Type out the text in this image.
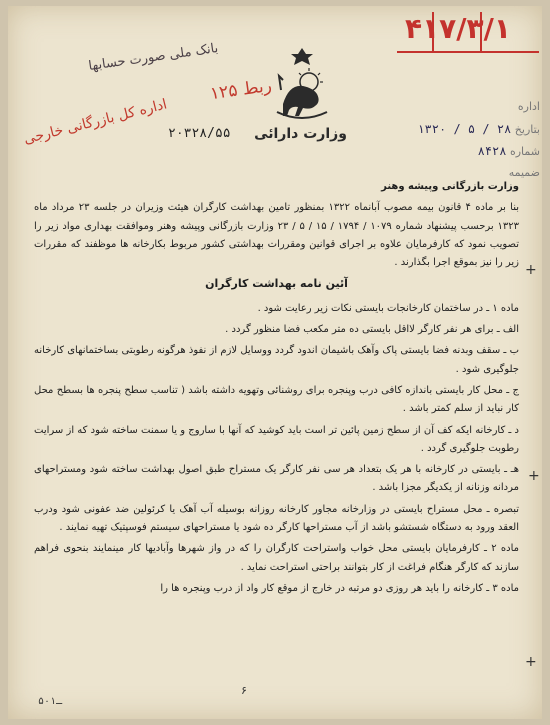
۴۱۷/۳/۱
بانک ملی صورت حسابها
ربط ۱۲۵
اداره کل بازرگانی خارجی ۲۰۳۲۸/۵۵ وزارت دارائی
اداره
بتاریخ ۲۸ / ۵ / ۱۳۲۰
شماره ۸۴۲۸
ضمیمه

وزارت بازرگانی وپیشه وهنر

بنا بر ماده ۴ قانون بیمه مصوب آبانماه ۱۳۲۲ بمنظور تامین بهداشت کارگران هیئت وزیران در جلسه ۲۳ مرداد ماه ۱۳۲۳ برحسب پیشنهاد شماره ۱۰۷۹ / ۱۷۹۴ / ۱۵ / ۵ / ۲۳ وزارت بازرگانی وپیشه وهنر وموافقت بهداری مواد زیر را تصویب نمود که کارفرمایان علاوه بر اجرای قوانین ومقررات بهداشتی کشور مربوط بکارخانه ها موظفند که مقررات زیر را نیز بموقع اجرا بگذارند .

آئین نامه بهداشت کارگران

ماده ۱ ـ در ساختمان کارخانجات بایستی نکات زیر رعایت شود .

الف ـ برای هر نفر کارگر لااقل بایستی ده متر مکعب فضا منظور گردد .

ب ـ سقف وبدنه فضا بایستی پاک وآهک باشیمان اندود گردد ووسایل لازم از نفوذ هرگونه رطوبتی بساختمانهای کارخانه جلوگیری شود .

ج ـ محل کار بایستی باندازه کافی درب وپنجره برای روشنائی وتهویه داشته باشد ( تناسب سطح پنجره ها بسطح محل کار نباید از سلم کمتر باشد .

د ـ کارخانه ایکه کف آن از سطح زمین پائین تر است باید کوشید که آنها با ساروج و یا سمنت ساخته شود که از سرایت رطوبت جلوگیری گردد .

هـ ـ بایستی در کارخانه با هر یک بتعداد هر سی نفر کارگر یک مستراح طبق اصول بهداشت ساخته شود ومستراحهای مردانه وزنانه از یکدیگر مجزا باشد .

تبصره ـ محل مستراح بایستی در وزارخانه مجاور کارخانه روزانه بوسیله آب آهک یا کرئولین ضد عفونی شود ودرب العقد ورود به دستگاه شستشو باشد از آب مستراحها کارگر ده شود یا مستراحهای سیستم فوسپتیک تهیه نمایند .

ماده ۲ ـ کارفرمایان بایستی محل خواب واستراحت کارگران را که در واز شهرها وآبادیها کار مینمایند بنحوی فراهم سازند که کارگر هنگام فراغت از کار بتوانند براحتی استراحت نماید .

ماده ۳ ـ کارخانه را باید هر روزی دو مرتبه در خارج از موقع کار واد از درب وپنجره ها را

+
+
+
۶
ـ۵۰۱
